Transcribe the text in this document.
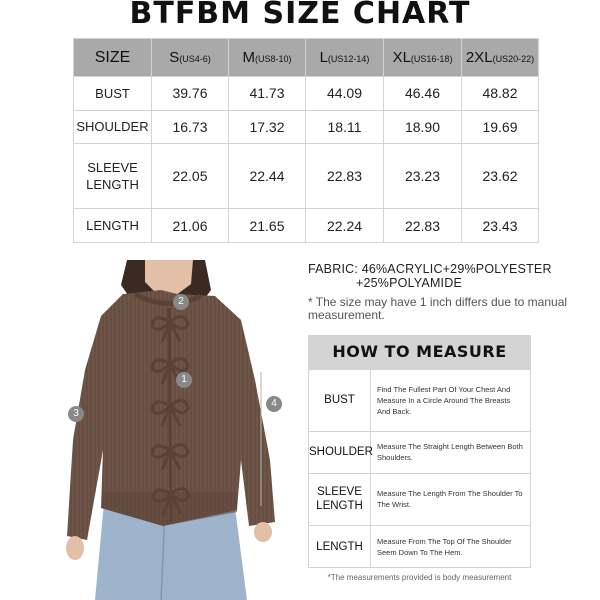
BTFBM SIZE CHART
SIZE	S(US4-6)	M(US8-10)	L(US12-14)	XL(US16-18)	2XL(US20-22)
BUST	39.76	41.73	44.09	46.46	48.82
SHOULDER	16.73	17.32	18.11	18.90	19.69
SLEEVE
LENGTH	22.05	22.44	22.83	23.23	23.62
LENGTH	21.06	21.65	22.24	22.83	23.43
2
1
3
4
FABRIC: 46%ACRYLIC+29%POLYESTER
+25%POLYAMIDE
* The size may have 1 inch differs due to manual measurement.
HOW TO MEASURE
BUST	Find The Fullest Part Of Your Chest And Measure In a Circle Around The Breasts And Back.
SHOULDER	Measure The Straight Length Between Both Shoulders.
SLEEVE
LENGTH	Measure The Length From The Shoulder To The Wrist.
LENGTH	Measure From The Top Of The Shoulder Seem Down To The Hem.
*The measurements provided is body measurement
